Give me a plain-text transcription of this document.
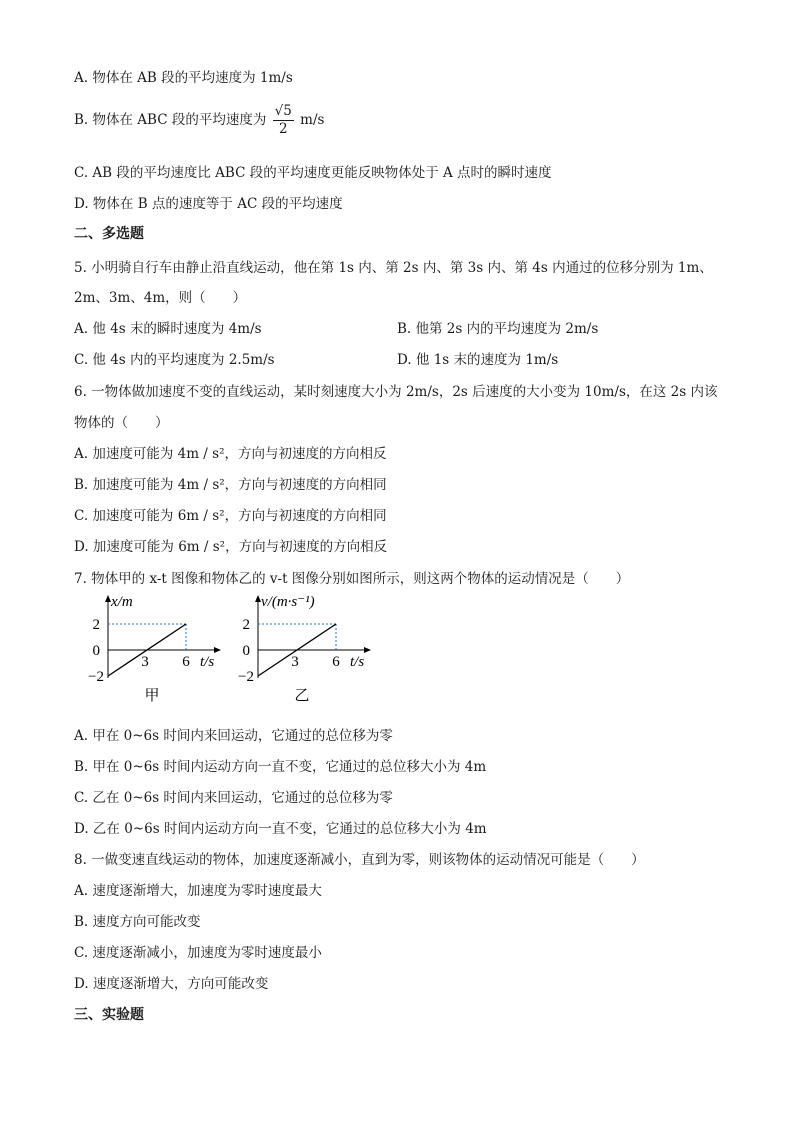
A. 物体在 AB 段的平均速度为 1m/s
B. 物体在 ABC 段的平均速度为 $\frac{√5}{2} m/s$
C. AB 段的平均速度比 ABC 段的平均速度更能反映物体处于 A 点时的瞬时速度
D. 物体在 B 点的速度等于 AC 段的平均速度
二、多选题
5. 小明骑自行车由静止沿直线运动，他在第 1s 内、第 2s 内、第 3s 内、第 4s 内通过的位移分别为 1m、
2m、3m、4m，则（　　）
A. 他 4s 末的瞬时速度为 4m/s	B. 他第 2s 内的平均速度为 2m/s
C. 他 4s 内的平均速度为 2.5m/s	D. 他 1s 末的速度为 1m/s
6. 一物体做加速度不变的直线运动，某时刻速度大小为 2m/s，2s 后速度的大小变为 10m/s，在这 2s 内该
物体的（　　）
A. 加速度可能为 4m / s²，方向与初速度的方向相反
B. 加速度可能为 4m / s²，方向与初速度的方向相同
C. 加速度可能为 6m / s²，方向与初速度的方向相同
D. 加速度可能为 6m / s²，方向与初速度的方向相反
7. 物体甲的 x-t 图像和物体乙的 v-t 图像分别如图所示，则这两个物体的运动情况是（　　）
x/m
2
0
−2
3 6 t/s
甲
v/(m·s⁻¹)
2
0
−2
3 6 t/s
乙
A. 甲在 0~6s 时间内来回运动，它通过的总位移为零
B. 甲在 0~6s 时间内运动方向一直不变，它通过的总位移大小为 4m
C. 乙在 0~6s 时间内来回运动，它通过的总位移为零
D. 乙在 0~6s 时间内运动方向一直不变，它通过的总位移大小为 4m
8. 一做变速直线运动的物体，加速度逐渐减小，直到为零，则该物体的运动情况可能是（　　）
A. 速度逐渐增大，加速度为零时速度最大
B. 速度方向可能改变
C. 速度逐渐减小，加速度为零时速度最小
D. 速度逐渐增大，方向可能改变
三、实验题
